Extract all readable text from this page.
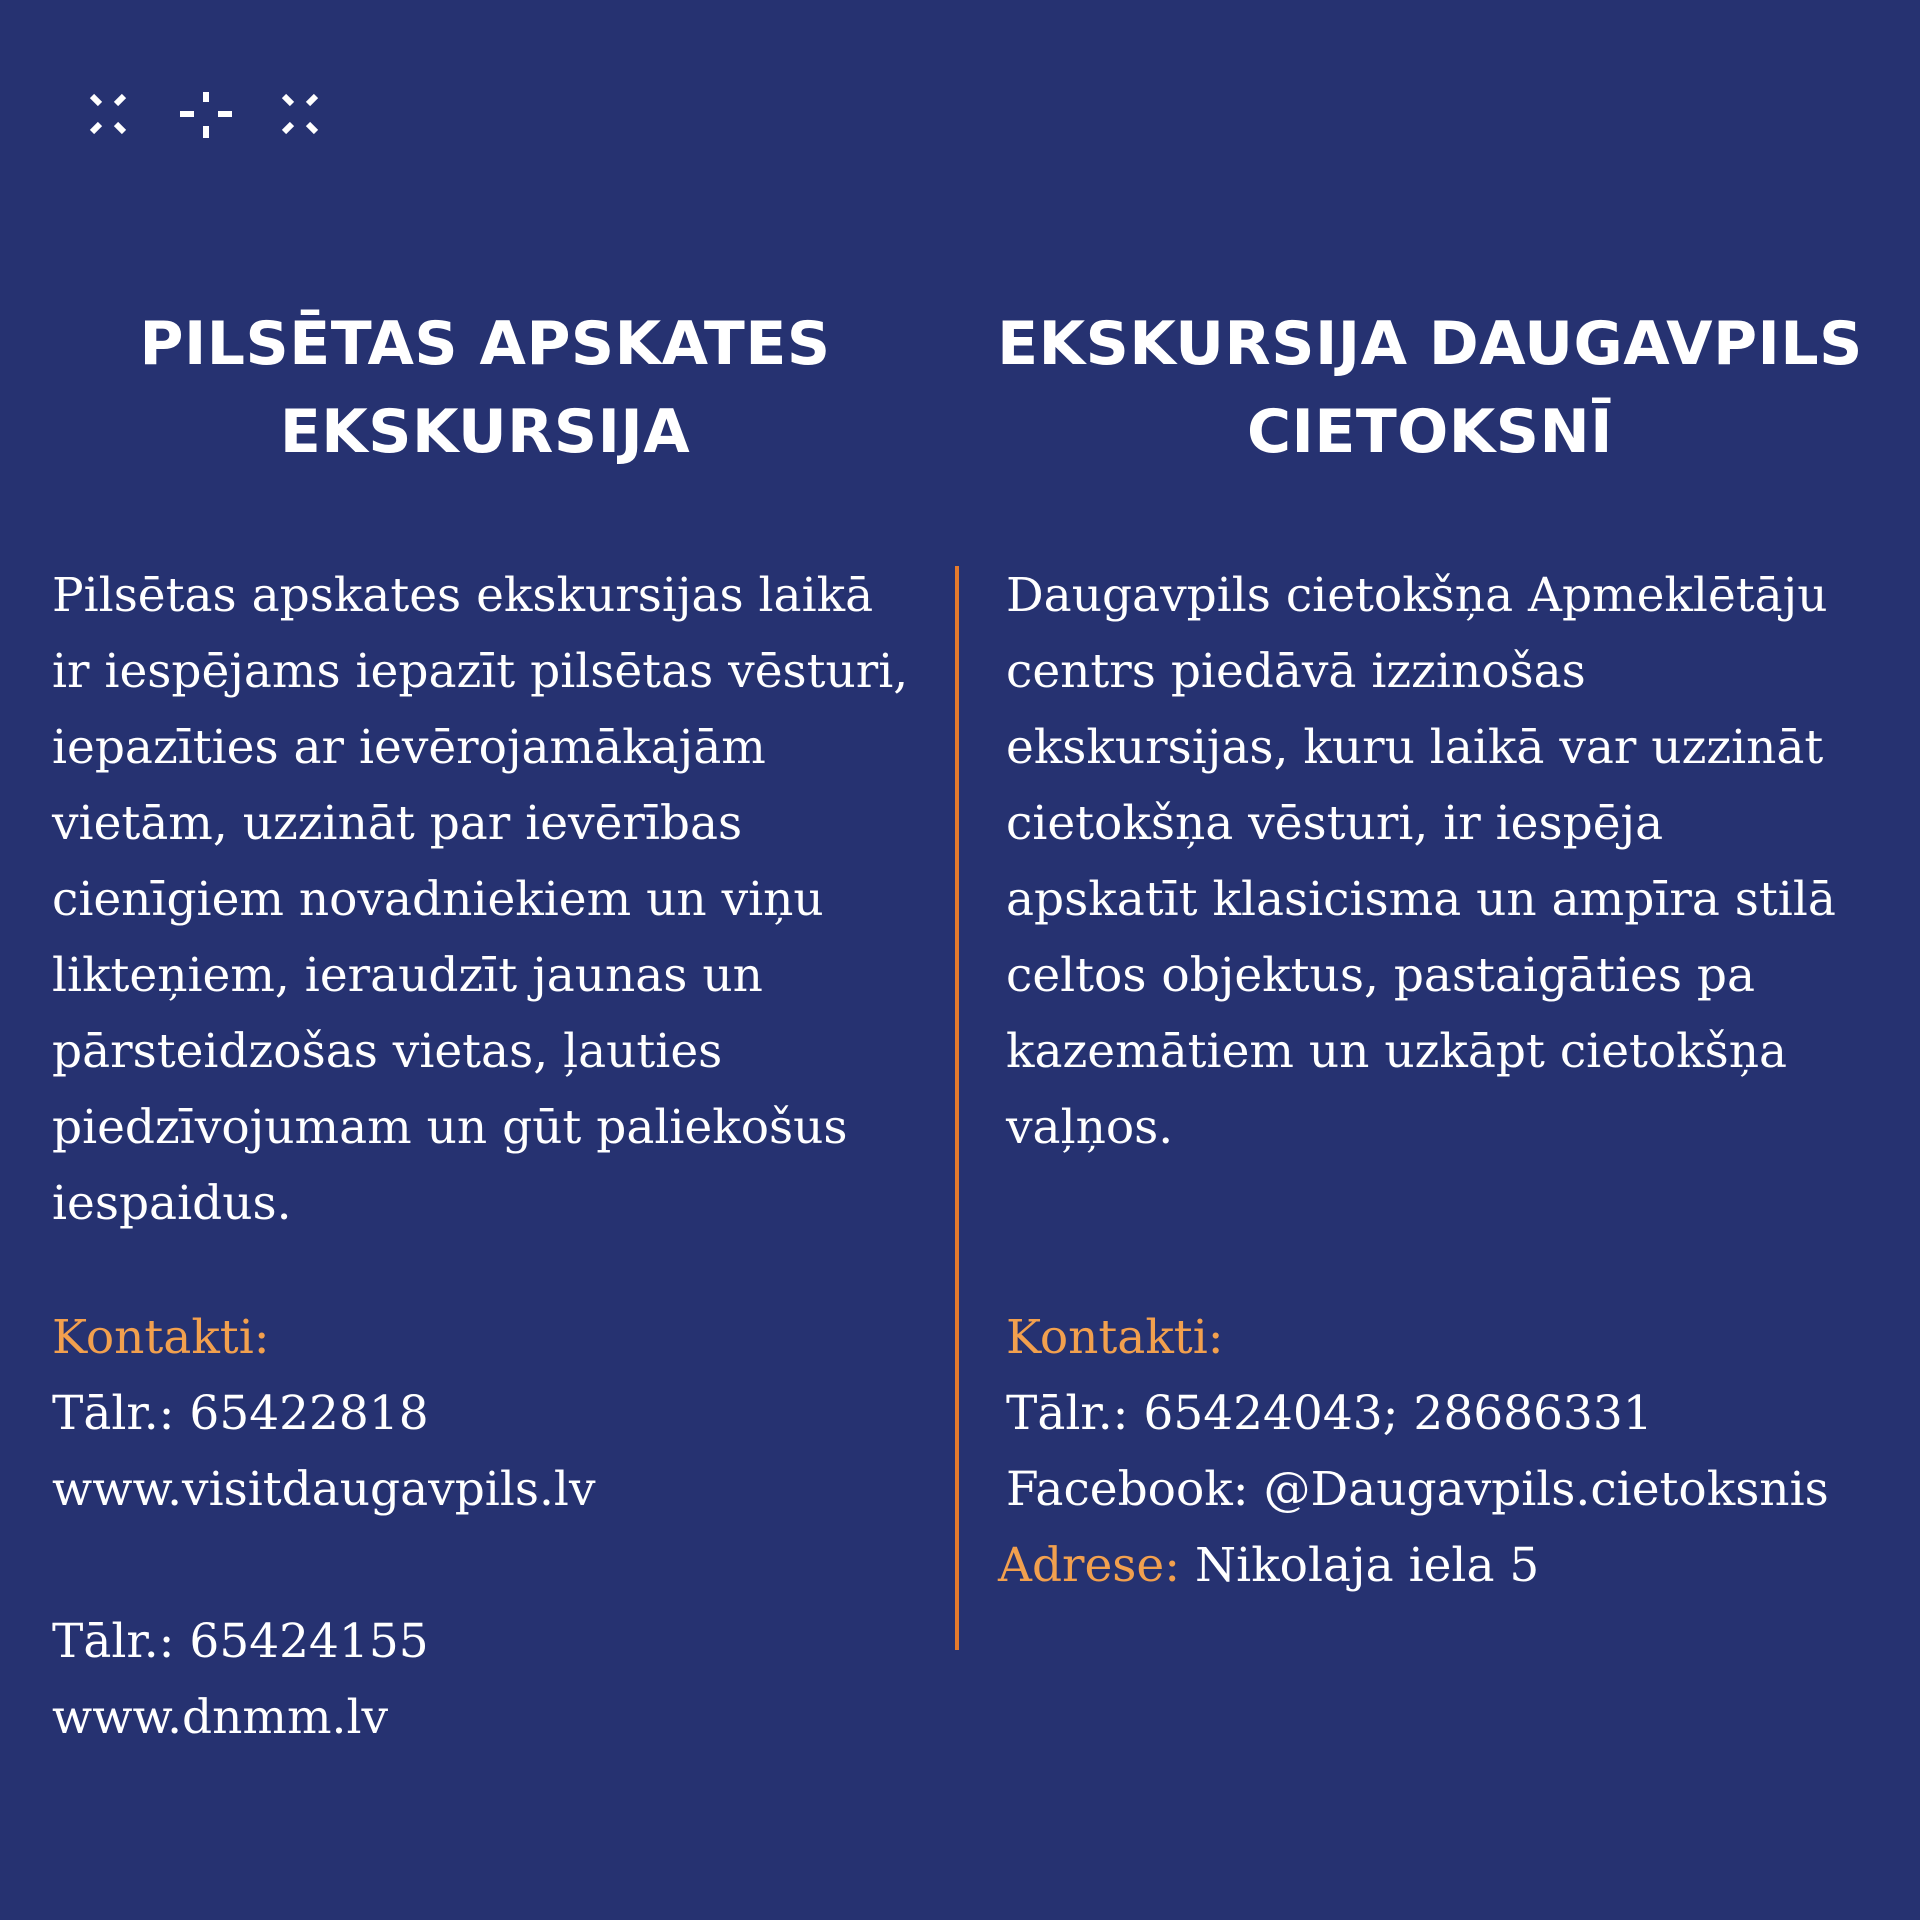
PILSĒTAS APSKATES
EKSKURSIJA
EKSKURSIJA DAUGAVPILS
CIETOKSNĪ
Pilsētas apskates ekskursijas laikā
ir iespējams iepazīt pilsētas vēsturi,
iepazīties ar ievērojamākajām
vietām, uzzināt par ievērības
cienīgiem novadniekiem un viņu
likteņiem, ieraudzīt jaunas un
pārsteidzošas vietas, ļauties
piedzīvojumam un gūt paliekošus
iespaidus.
Daugavpils cietokšņa Apmeklētāju
centrs piedāvā izzinošas
ekskursijas, kuru laikā var uzzināt
cietokšņa vēsturi, ir iespēja
apskatīt klasicisma un ampīra stilā
celtos objektus, pastaigāties pa
kazemātiem un uzkāpt cietokšņa
vaļņos.
Kontakti:
Tālr.: 65422818
www.visitdaugavpils.lv
Tālr.: 65424155
www.dnmm.lv
Kontakti:
Tālr.: 65424043; 28686331
Facebook: @Daugavpils.cietoksnis
Adrese: Nikolaja iela 5
